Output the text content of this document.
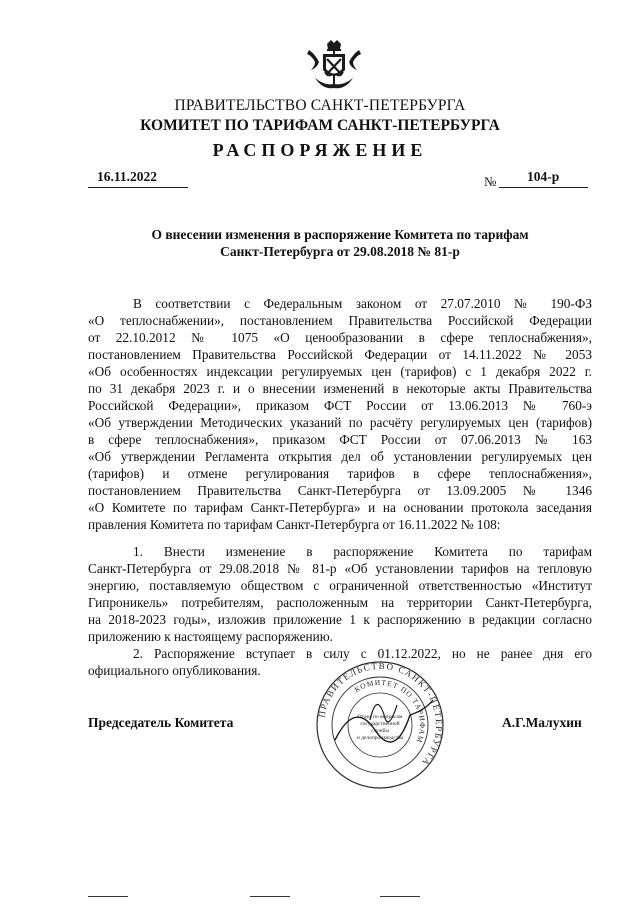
ПРАВИТЕЛЬСТВО САНКТ-ПЕТЕРБУРГА
КОМИТЕТ ПО ТАРИФАМ САНКТ-ПЕТЕРБУРГА
РАСПОРЯЖЕНИЕ
16.11.2022	№ 104-р
О внесении изменения в распоряжение Комитета по тарифам
Санкт-Петербурга от 29.08.2018 № 81-р
В соответствии с Федеральным законом от 27.07.2010 № 190-ФЗ
«О теплоснабжении», постановлением Правительства Российской Федерации
от 22.10.2012 № 1075 «О ценообразовании в сфере теплоснабжения»,
постановлением Правительства Российской Федерации от 14.11.2022 № 2053
«Об особенностях индексации регулируемых цен (тарифов) с 1 декабря 2022 г.
по 31 декабря 2023 г. и о внесении изменений в некоторые акты Правительства
Российской Федерации», приказом ФСТ России от 13.06.2013 № 760-э
«Об утверждении Методических указаний по расчёту регулируемых цен (тарифов)
в сфере теплоснабжения», приказом ФСТ России от 07.06.2013 № 163
«Об утверждении Регламента открытия дел об установлении регулируемых цен
(тарифов) и отмене регулирования тарифов в сфере теплоснабжения»,
постановлением Правительства Санкт-Петербурга от 13.09.2005 № 1346
«О Комитете по тарифам Санкт-Петербурга» и на основании протокола заседания
правления Комитета по тарифам Санкт-Петербурга от 16.11.2022 № 108:
1. Внести изменение в распоряжение Комитета по тарифам
Санкт-Петербурга от 29.08.2018 № 81-р «Об установлении тарифов на тепловую
энергию, поставляемую обществом с ограниченной ответственностью «Институт
Гипроникель» потребителям, расположенным на территории Санкт-Петербурга,
на 2018-2023 годы», изложив приложение 1 к распоряжению в редакции согласно
приложению к настоящему распоряжению.
2. Распоряжение вступает в силу с 01.12.2022, но не ранее дня его
официального опубликования.
Председатель Комитета	А.Г.Малухин
ПРАВИТЕЛЬСТВО САНКТ-ПЕТЕРБУРГА
КОМИТЕТ ПО ТАРИФАМ
Отдел по вопросам
государственной
службы
и делопроизводства
